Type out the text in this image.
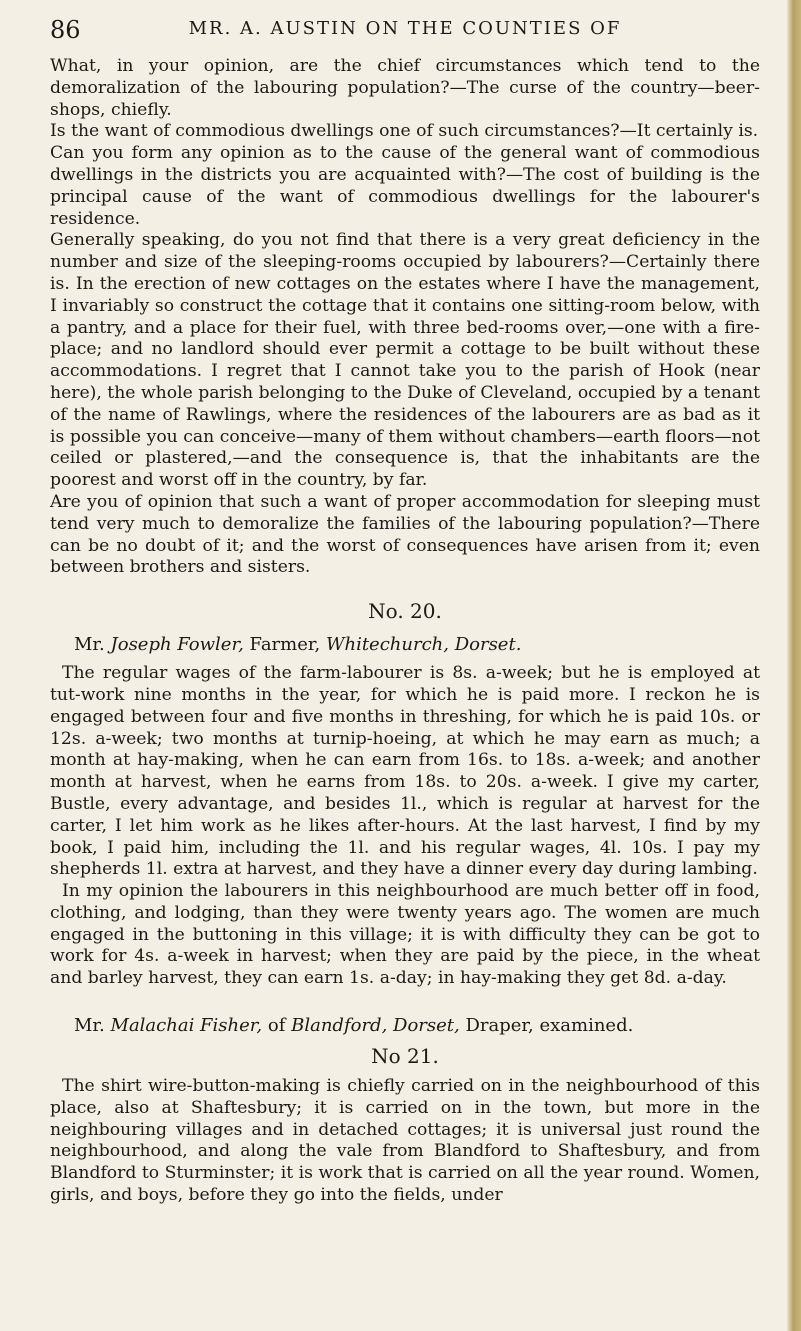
86	MR. A. AUSTIN ON THE COUNTIES OF

What, in your opinion, are the chief circumstances which tend to the demoralization of the labouring population?—The curse of the country—beer-shops, chiefly.

Is the want of commodious dwellings one of such circumstances?—It certainly is.

Can you form any opinion as to the cause of the general want of commodious dwellings in the districts you are acquainted with?—The cost of building is the principal cause of the want of commodious dwellings for the labourer's residence.

Generally speaking, do you not find that there is a very great deficiency in the number and size of the sleeping-rooms occupied by labourers?—Certainly there is. In the erection of new cottages on the estates where I have the management, I invariably so construct the cottage that it contains one sitting-room below, with a pantry, and a place for their fuel, with three bed-rooms over,—one with a fire-place; and no landlord should ever permit a cottage to be built without these accommodations. I regret that I cannot take you to the parish of Hook (near here), the whole parish belonging to the Duke of Cleveland, occupied by a tenant of the name of Rawlings, where the residences of the labourers are as bad as it is possible you can conceive—many of them without chambers—earth floors—not ceiled or plastered,—and the consequence is, that the inhabitants are the poorest and worst off in the country, by far.

Are you of opinion that such a want of proper accommodation for sleeping must tend very much to demoralize the families of the labouring population?—There can be no doubt of it; and the worst of consequences have arisen from it; even between brothers and sisters.

No. 20.

Mr. Joseph Fowler, Farmer, Whitechurch, Dorset.

The regular wages of the farm-labourer is 8s. a-week; but he is employed at tut-work nine months in the year, for which he is paid more. I reckon he is engaged between four and five months in threshing, for which he is paid 10s. or 12s. a-week; two months at turnip-hoeing, at which he may earn as much; a month at hay-making, when he can earn from 16s. to 18s. a-week; and another month at harvest, when he earns from 18s. to 20s. a-week. I give my carter, Bustle, every advantage, and besides 1l., which is regular at harvest for the carter, I let him work as he likes after-hours. At the last harvest, I find by my book, I paid him, including the 1l. and his regular wages, 4l. 10s. I pay my shepherds 1l. extra at harvest, and they have a dinner every day during lambing.

In my opinion the labourers in this neighbourhood are much better off in food, clothing, and lodging, than they were twenty years ago. The women are much engaged in the buttoning in this village; it is with difficulty they can be got to work for 4s. a-week in harvest; when they are paid by the piece, in the wheat and barley harvest, they can earn 1s. a-day; in hay-making they get 8d. a-day.

Mr. Malachai Fisher, of Blandford, Dorset, Draper, examined.

No 21.

The shirt wire-button-making is chiefly carried on in the neighbourhood of this place, also at Shaftesbury; it is carried on in the town, but more in the neighbouring villages and in detached cottages; it is universal just round the neighbourhood, and along the vale from Blandford to Shaftesbury, and from Blandford to Sturminster; it is work that is carried on all the year round. Women, girls, and boys, before they go into the fields, under
